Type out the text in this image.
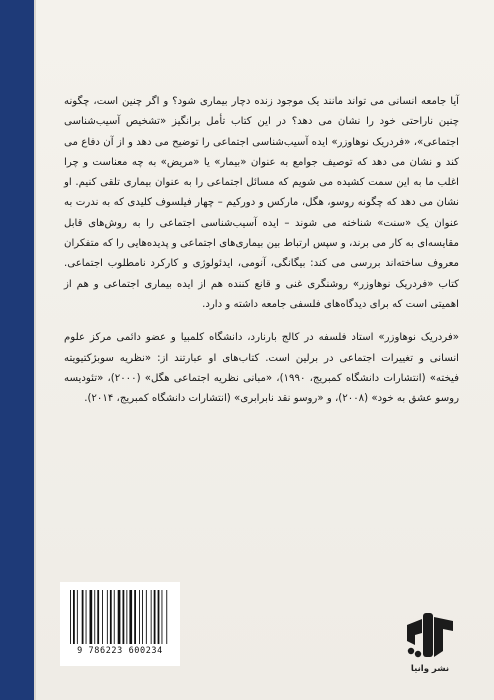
آیا جامعه انسانی می تواند مانند یک موجود زنده دچار بیماری شود؟ و اگر چنین است، چگونه چنین ناراحتی خود را نشان می دهد؟ در این کتاب تأمل برانگیز «تشخیص آسیب‌شناسی اجتماعی»، «فردریک نوهاوزر» ایده آسیب‌شناسی اجتماعی را توضیح می دهد و از آن دفاع می کند و نشان می دهد که توصیف جوامع به عنوان «بیمار» یا «مریض» به چه معناست و چرا اغلب ما به این سمت کشیده می شویم که مسائل اجتماعی را به عنوان بیماری تلقی کنیم. او نشان می دهد که چگونه روسو، هگل، مارکس و دورکیم – چهار فیلسوف کلیدی که به ندرت به عنوان یک «سنت» شناخته می شوند – ایده آسیب‌شناسی اجتماعی را به روش‌های قابل مقایسه‌ای به کار می برند، و سپس ارتباط بین بیماری‌های اجتماعی و پدیده‌هایی را که متفکران معروف ساخته‌اند بررسی می کند: بیگانگی، آنومی، ایدئولوژی و کارکرد نامطلوب اجتماعی. کتاب «فردریک نوهاوزر» روشنگری غنی و قانع کننده هم از ایده بیماری اجتماعی و هم از اهمیتی است که برای دیدگاه‌های فلسفی جامعه داشته و دارد.

«فردریک نوهاوزر» استاد فلسفه در کالج بارنارد، دانشگاه کلمبیا و عضو دائمی مرکز علوم انسانی و تغییرات اجتماعی در برلین است. کتاب‌های او عبارتند از: «نظریه سوبژکتیویته فیخته» (انتشارات دانشگاه کمبریج، ۱۹۹۰)، «مبانی نظریه اجتماعی هگل» (۲۰۰۰)، «تئودیسه روسو عشق به خود» (۲۰۰۸)، و «روسو نقد نابرابری» (انتشارات دانشگاه کمبریج، ۲۰۱۴).

9 786223 600234
نشر وانیا
